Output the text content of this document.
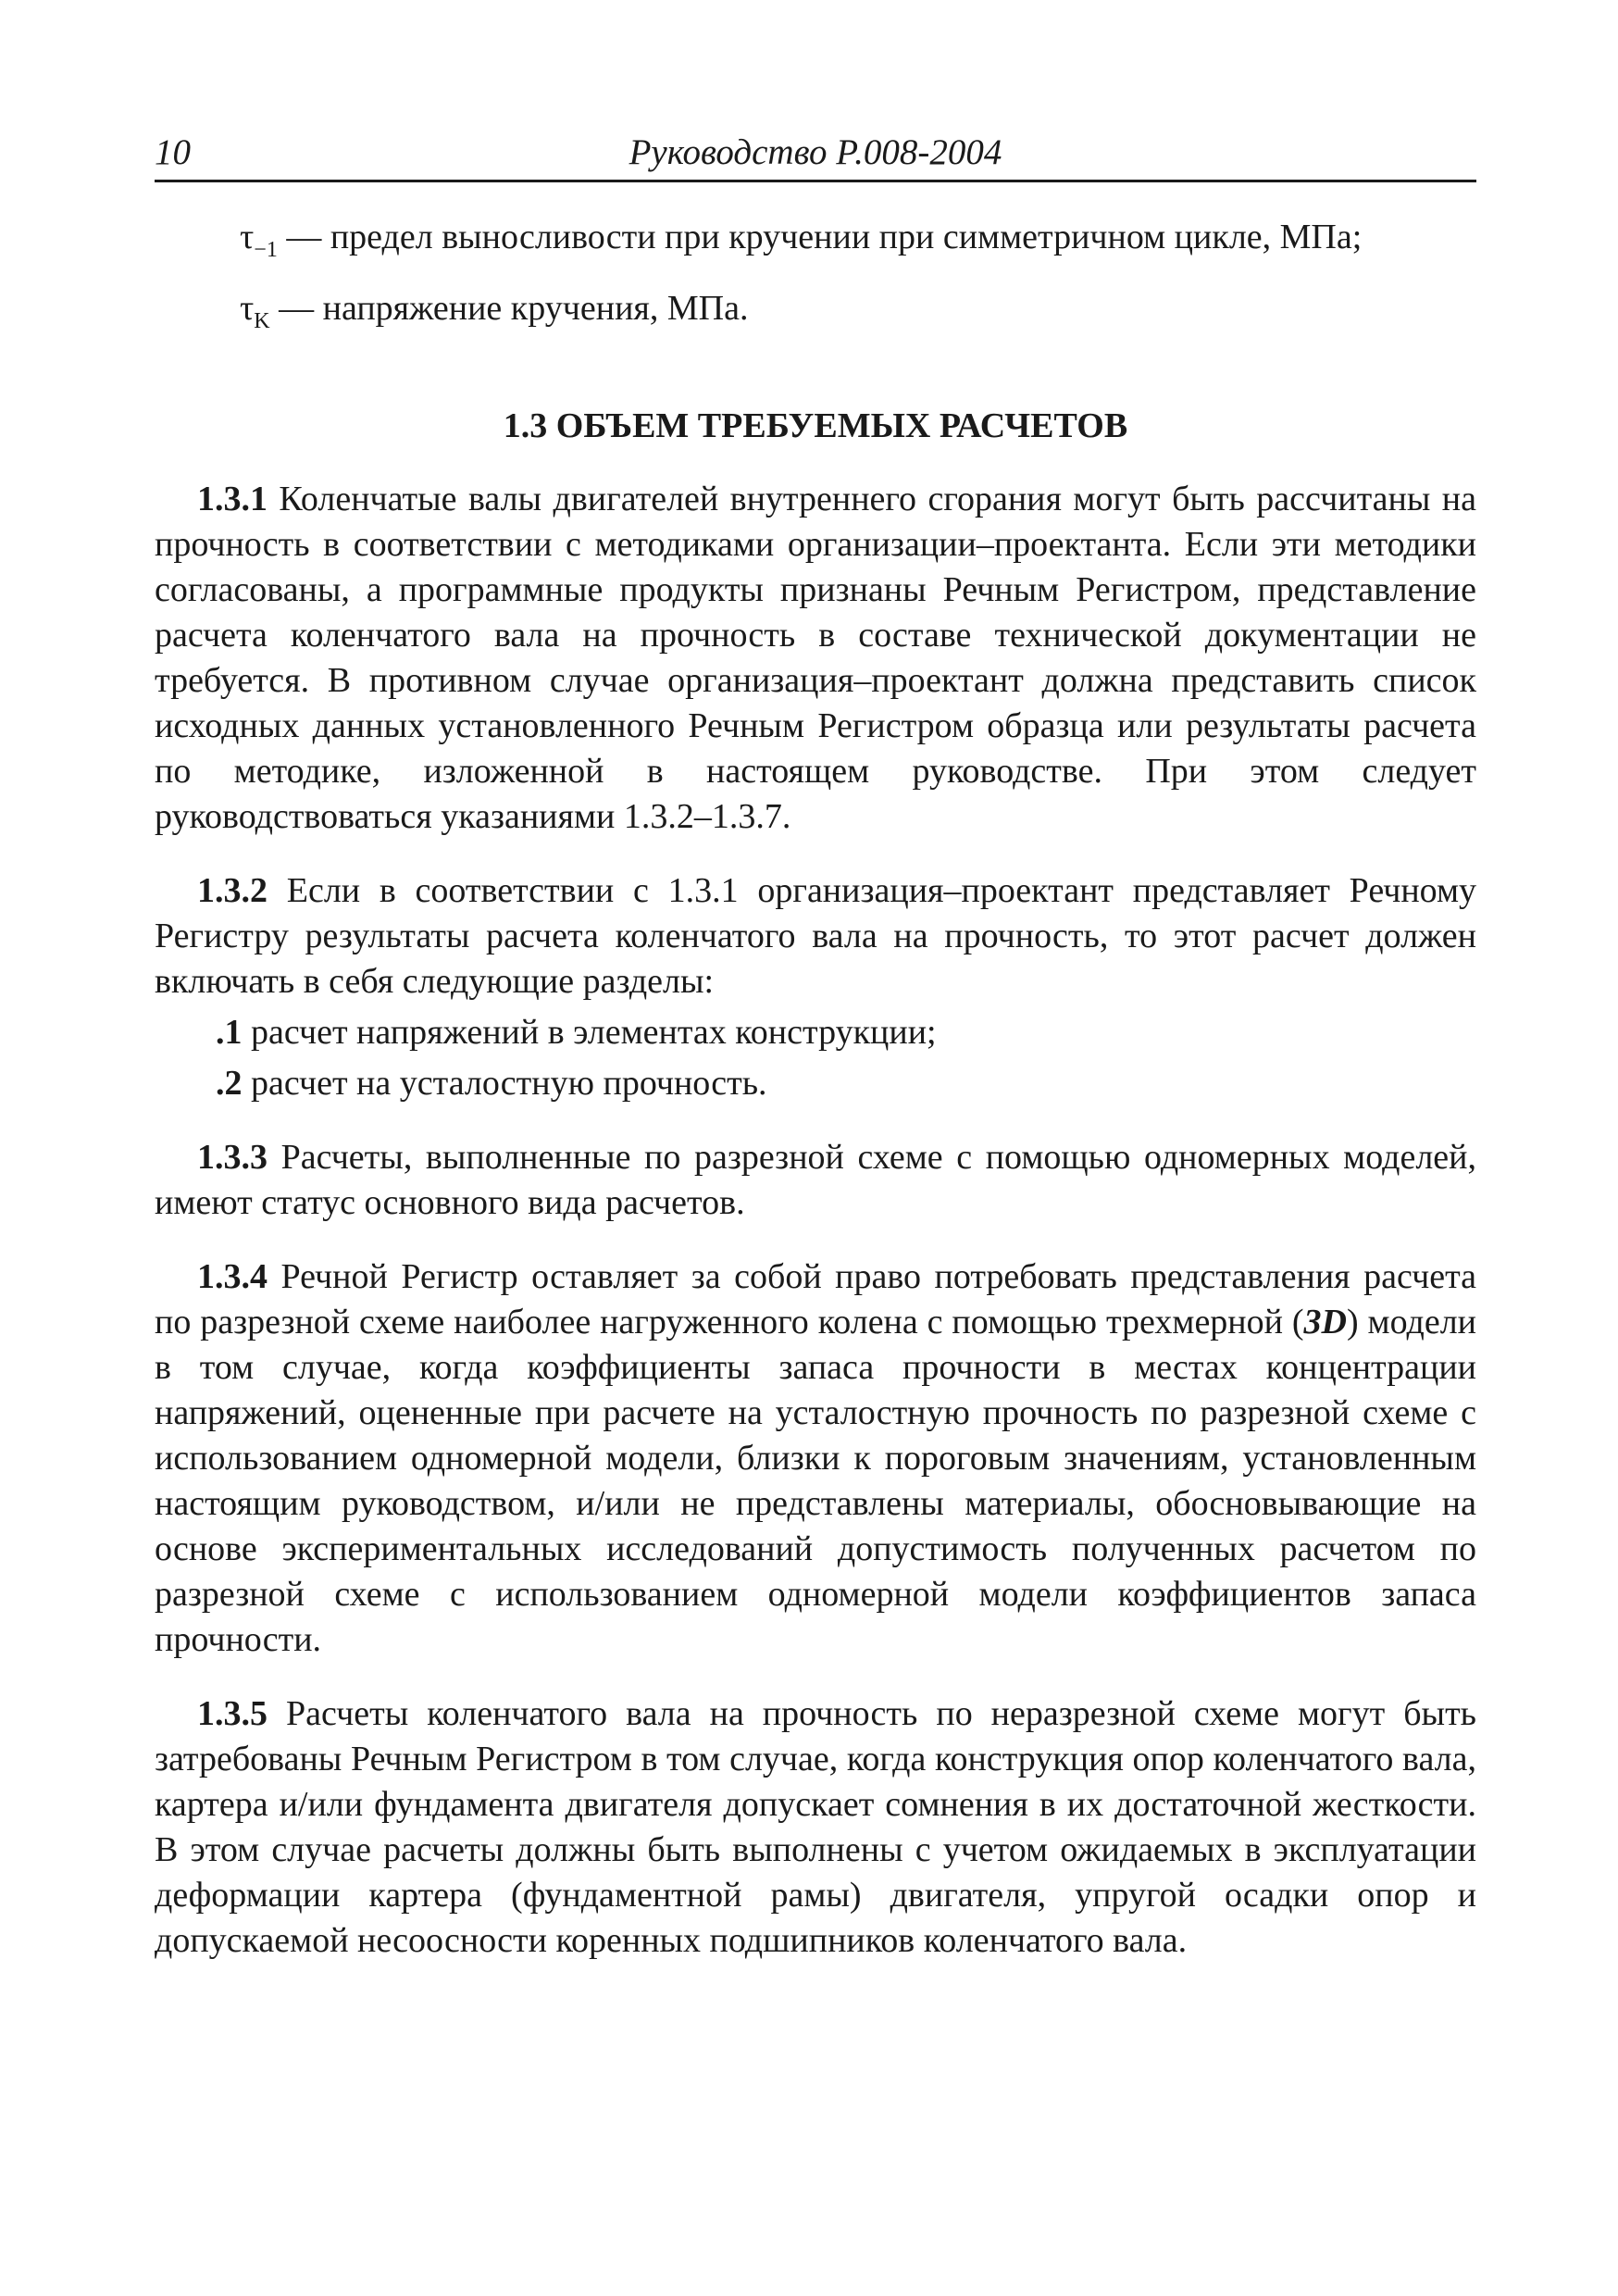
10	Руководство Р.008-2004

$\tau_{-1}$ — предел выносливости при кручении при симметричном цикле, МПа;

$\tau_K$ — напряжение кручения, МПа.

1.3 ОБЪЕМ ТРЕБУЕМЫХ РАСЧЕТОВ

1.3.1 Коленчатые валы двигателей внутреннего сгорания могут быть рассчитаны на прочность в соответствии с методиками организации–проектанта. Если эти методики согласованы, а программные продукты признаны Речным Регистром, представление расчета коленчатого вала на прочность в составе технической документации не требуется. В противном случае организация–проектант должна представить список исходных данных установленного Речным Регистром образца или результаты расчета по методике, изложенной в настоящем руководстве. При этом следует руководствоваться указаниями 1.3.2–1.3.7.

1.3.2 Если в соответствии с 1.3.1 организация–проектант представляет Речному Регистру результаты расчета коленчатого вала на прочность, то этот расчет должен включать в себя следующие разделы:

.1 расчет напряжений в элементах конструкции;

.2 расчет на усталостную прочность.

1.3.3 Расчеты, выполненные по разрезной схеме с помощью одномерных моделей, имеют статус основного вида расчетов.

1.3.4 Речной Регистр оставляет за собой право потребовать представления расчета по разрезной схеме наиболее нагруженного колена с помощью трехмерной (3D) модели в том случае, когда коэффициенты запаса прочности в местах концентрации напряжений, оцененные при расчете на усталостную прочность по разрезной схеме с использованием одномерной модели, близки к пороговым значениям, установленным настоящим руководством, и/или не представлены материалы, обосновывающие на основе экспериментальных исследований допустимость полученных расчетом по разрезной схеме с использованием одномерной модели коэффициентов запаса прочности.

1.3.5 Расчеты коленчатого вала на прочность по неразрезной схеме могут быть затребованы Речным Регистром в том случае, когда конструкция опор коленчатого вала, картера и/или фундамента двигателя допускает сомнения в их достаточной жесткости. В этом случае расчеты должны быть выполнены с учетом ожидаемых в эксплуатации деформации картера (фундаментной рамы) двигателя, упругой осадки опор и допускаемой несоосности коренных подшипников коленчатого вала.
